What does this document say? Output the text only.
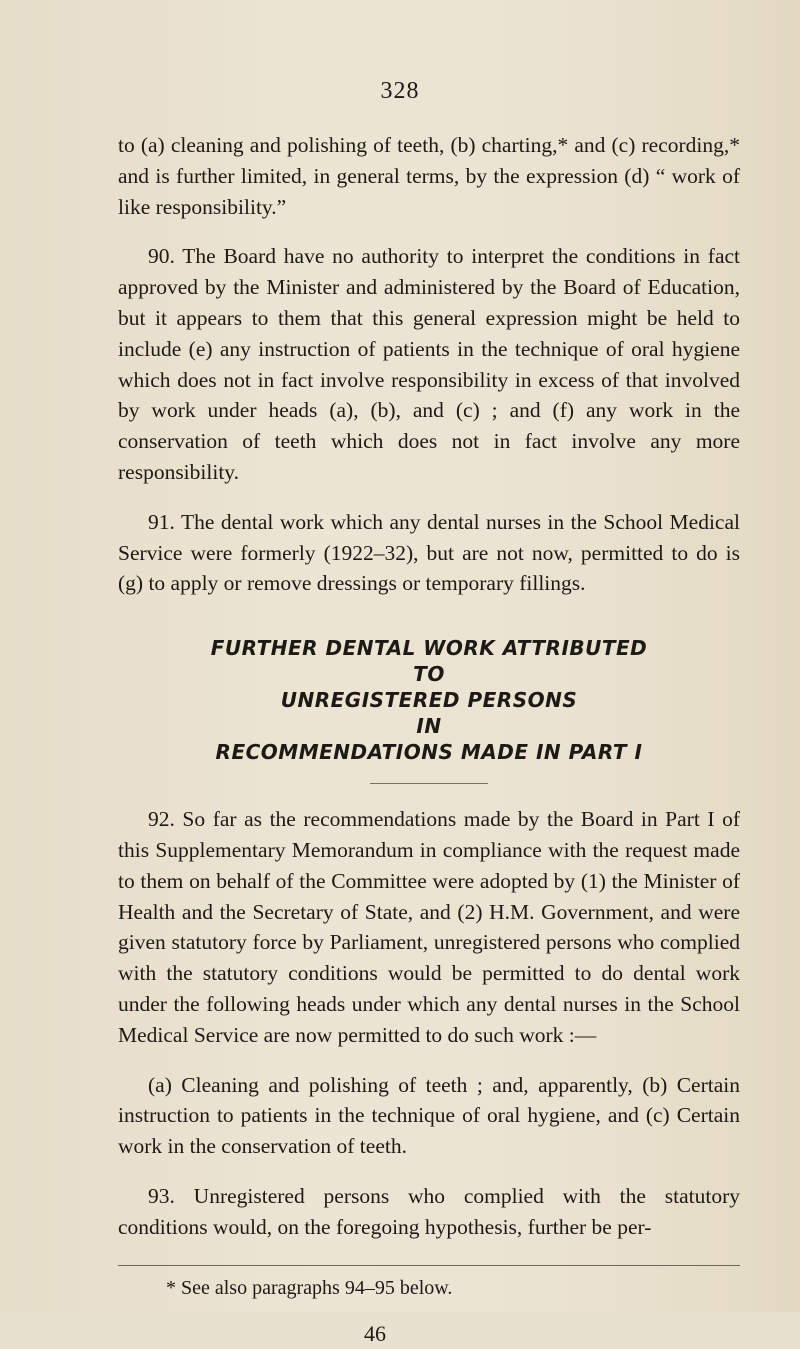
328

to (a) cleaning and polishing of teeth, (b) charting,* and (c) recording,* and is further limited, in general terms, by the expression (d) “ work of like responsibility.”

90. The Board have no authority to interpret the conditions in fact approved by the Minister and administered by the Board of Education, but it appears to them that this general expression might be held to include (e) any instruction of patients in the technique of oral hygiene which does not in fact involve responsibility in excess of that involved by work under heads (a), (b), and (c) ; and (f) any work in the conservation of teeth which does not in fact involve any more responsibility.

91. The dental work which any dental nurses in the School Medical Service were formerly (1922–32), but are not now, permitted to do is (g) to apply or remove dressings or temporary fillings.

FURTHER DENTAL WORK ATTRIBUTED
TO
UNREGISTERED PERSONS
IN
RECOMMENDATIONS MADE IN PART I

92. So far as the recommendations made by the Board in Part I of this Supplementary Memorandum in compliance with the request made to them on behalf of the Committee were adopted by (1) the Minister of Health and the Secretary of State, and (2) H.M. Government, and were given statutory force by Parliament, unregistered persons who complied with the statutory conditions would be permitted to do dental work under the following heads under which any dental nurses in the School Medical Service are now permitted to do such work :—

(a) Cleaning and polishing of teeth ; and, apparently, (b) Certain instruction to patients in the technique of oral hygiene, and (c) Certain work in the conservation of teeth.

93. Unregistered persons who complied with the statutory conditions would, on the foregoing hypothesis, further be per-

* See also paragraphs 94–95 below.

46
